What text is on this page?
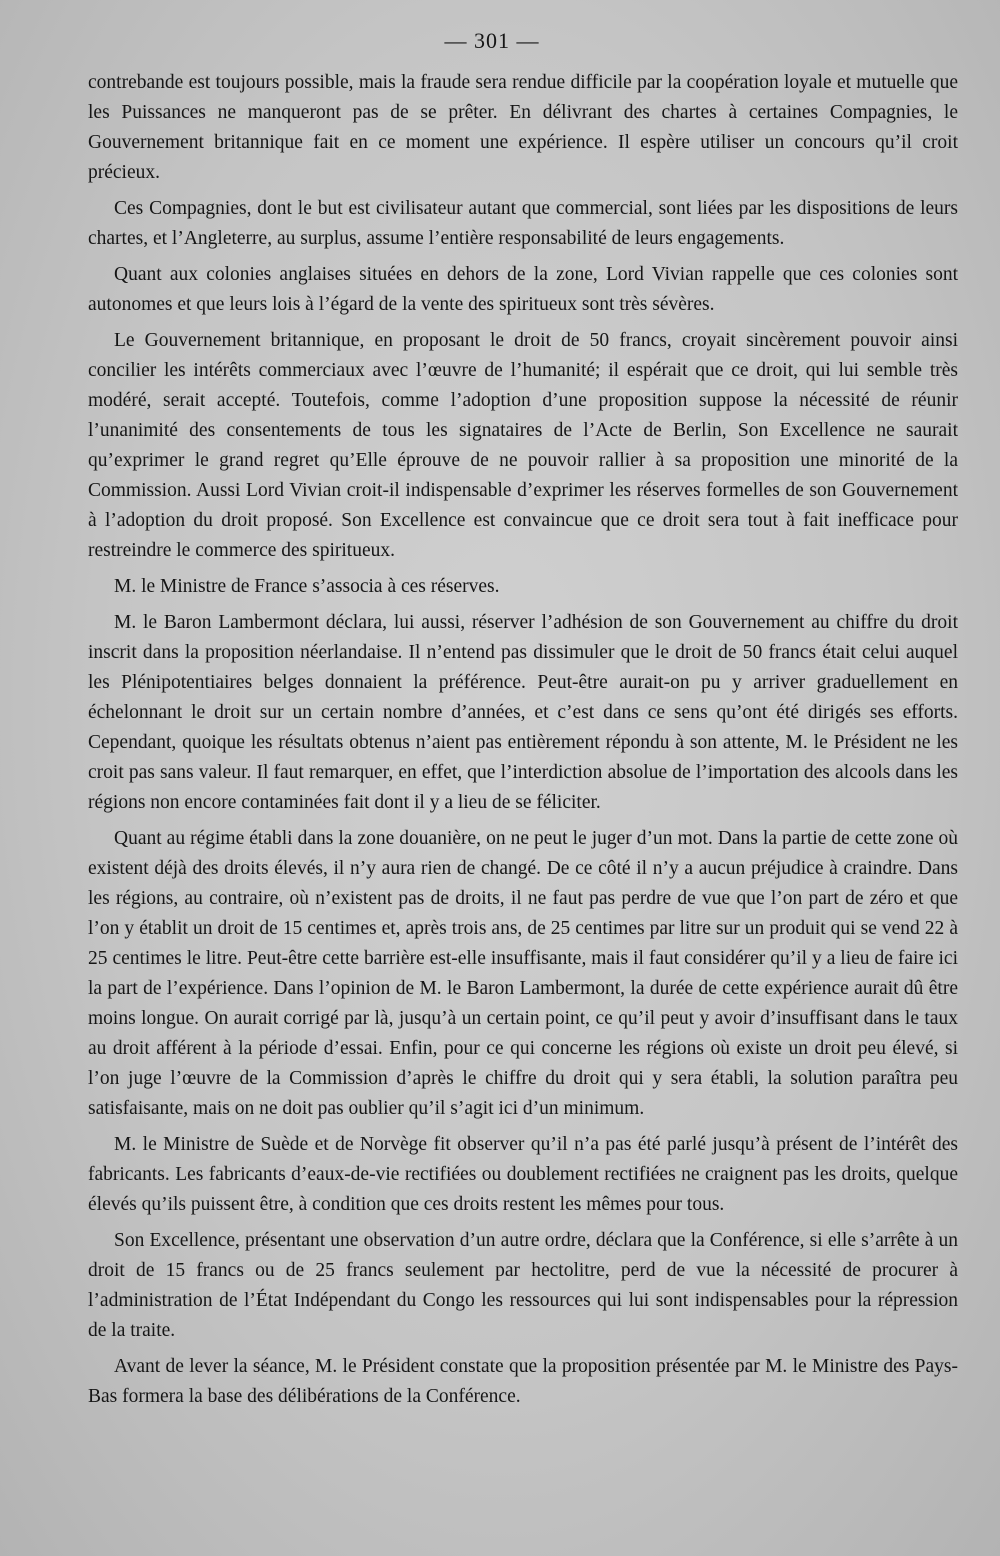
— 301 —

contrebande est toujours possible, mais la fraude sera rendue difficile par la coopération loyale et mutuelle que les Puissances ne manqueront pas de se prêter. En délivrant des chartes à certaines Compagnies, le Gouvernement britannique fait en ce moment une expérience. Il espère utiliser un concours qu’il croit précieux.

Ces Compagnies, dont le but est civilisateur autant que commercial, sont liées par les dispositions de leurs chartes, et l’Angleterre, au surplus, assume l’entière responsabilité de leurs engagements.

Quant aux colonies anglaises situées en dehors de la zone, Lord Vivian rappelle que ces colonies sont autonomes et que leurs lois à l’égard de la vente des spiritueux sont très sévères.

Le Gouvernement britannique, en proposant le droit de 50 francs, croyait sincèrement pouvoir ainsi concilier les intérêts commerciaux avec l’œuvre de l’humanité; il espérait que ce droit, qui lui semble très modéré, serait accepté. Toutefois, comme l’adoption d’une proposition suppose la nécessité de réunir l’unanimité des consentements de tous les signataires de l’Acte de Berlin, Son Excellence ne saurait qu’exprimer le grand regret qu’Elle éprouve de ne pouvoir rallier à sa proposition une minorité de la Commission. Aussi Lord Vivian croit-il indispensable d’exprimer les réserves formelles de son Gouvernement à l’adoption du droit proposé. Son Excellence est convaincue que ce droit sera tout à fait inefficace pour restreindre le commerce des spiritueux.

M. le Ministre de France s’associa à ces réserves.

M. le Baron Lambermont déclara, lui aussi, réserver l’adhésion de son Gouvernement au chiffre du droit inscrit dans la proposition néerlandaise. Il n’entend pas dissimuler que le droit de 50 francs était celui auquel les Plénipotentiaires belges donnaient la préférence. Peut-être aurait-on pu y arriver graduellement en échelonnant le droit sur un certain nombre d’années, et c’est dans ce sens qu’ont été dirigés ses efforts. Cependant, quoique les résultats obtenus n’aient pas entièrement répondu à son attente, M. le Président ne les croit pas sans valeur. Il faut remarquer, en effet, que l’interdiction absolue de l’importation des alcools dans les régions non encore contaminées fait dont il y a lieu de se féliciter.

Quant au régime établi dans la zone douanière, on ne peut le juger d’un mot. Dans la partie de cette zone où existent déjà des droits élevés, il n’y aura rien de changé. De ce côté il n’y a aucun préjudice à craindre. Dans les régions, au contraire, où n’existent pas de droits, il ne faut pas perdre de vue que l’on part de zéro et que l’on y établit un droit de 15 centimes et, après trois ans, de 25 centimes par litre sur un produit qui se vend 22 à 25 centimes le litre. Peut-être cette barrière est-elle insuffisante, mais il faut considérer qu’il y a lieu de faire ici la part de l’expérience. Dans l’opinion de M. le Baron Lambermont, la durée de cette expérience aurait dû être moins longue. On aurait corrigé par là, jusqu’à un certain point, ce qu’il peut y avoir d’insuffisant dans le taux au droit afférent à la période d’essai. Enfin, pour ce qui concerne les régions où existe un droit peu élevé, si l’on juge l’œuvre de la Commission d’après le chiffre du droit qui y sera établi, la solution paraîtra peu satisfaisante, mais on ne doit pas oublier qu’il s’agit ici d’un minimum.

M. le Ministre de Suède et de Norvège fit observer qu’il n’a pas été parlé jusqu’à présent de l’intérêt des fabricants. Les fabricants d’eaux-de-vie rectifiées ou doublement rectifiées ne craignent pas les droits, quelque élevés qu’ils puissent être, à condition que ces droits restent les mêmes pour tous.

Son Excellence, présentant une observation d’un autre ordre, déclara que la Conférence, si elle s’arrête à un droit de 15 francs ou de 25 francs seulement par hectolitre, perd de vue la nécessité de procurer à l’administration de l’État Indépendant du Congo les ressources qui lui sont indispensables pour la répression de la traite.

Avant de lever la séance, M. le Président constate que la proposition présentée par M. le Ministre des Pays-Bas formera la base des délibérations de la Conférence.
